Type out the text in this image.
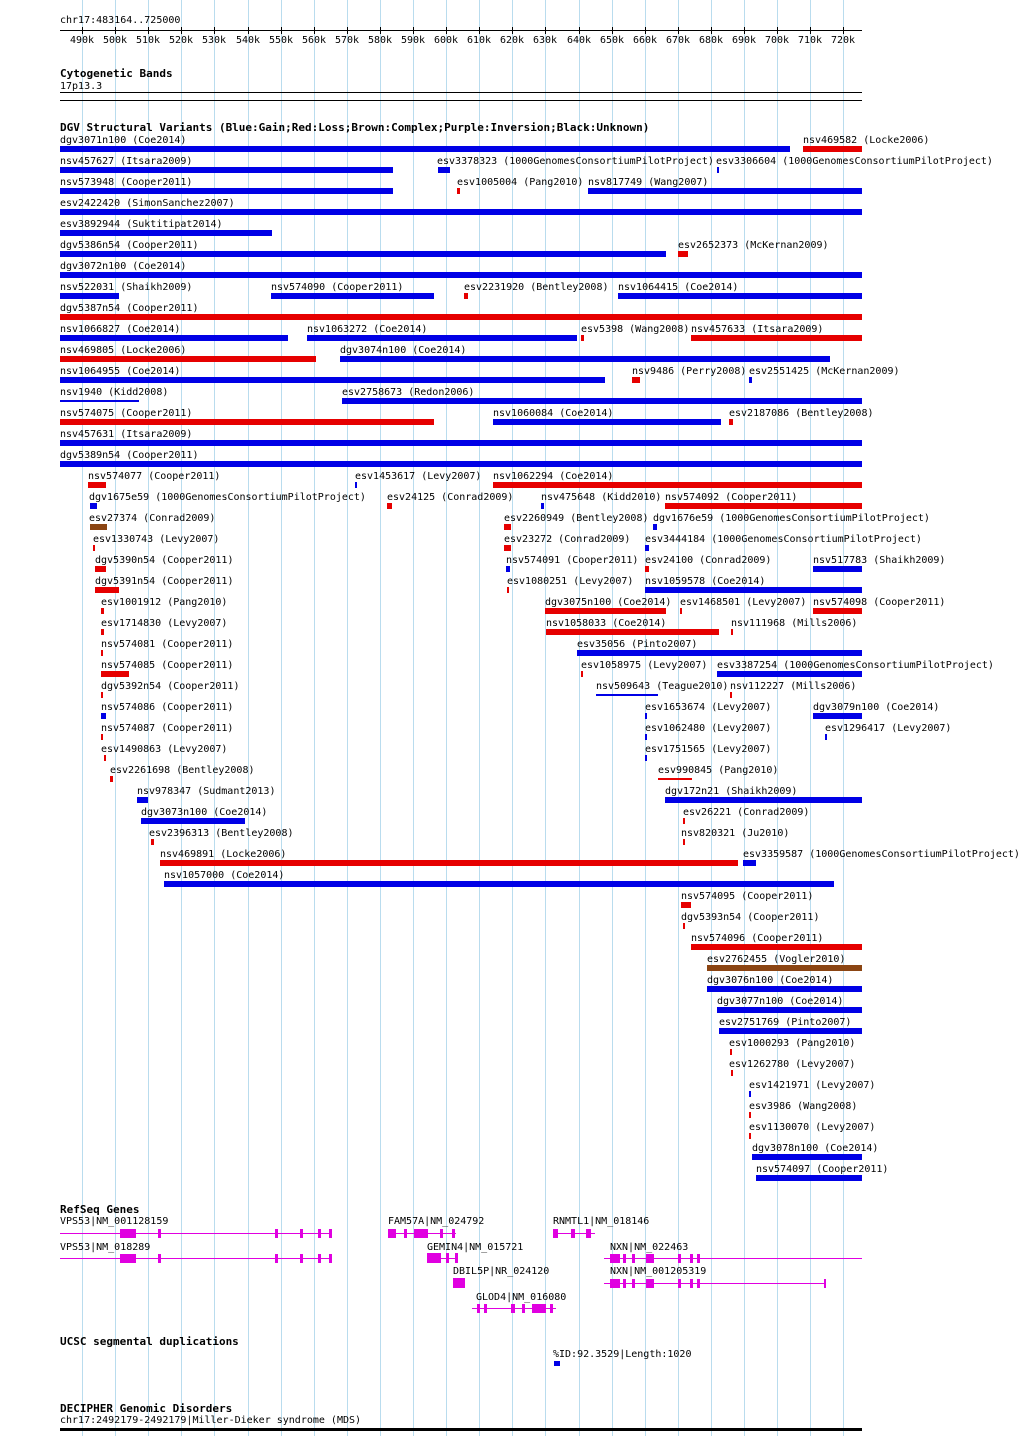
chr17:483164..725000
490k 500k 510k 520k 530k 540k 550k 560k 570k 580k 590k 600k 610k 620k 630k 640k 650k 660k 670k 680k 690k 700k 710k 720k
Cytogenetic Bands
17p13.3
DGV Structural Variants (Blue:Gain;Red:Loss;Brown:Complex;Purple:Inversion;Black:Unknown)
dgv3071n100 (Coe2014)	nsv469582 (Locke2006)
nsv457627 (Itsara2009)	esv3378323 (1000GenomesConsortiumPilotProject) esv3306604 (1000GenomesConsortiumPilotProject)
nsv573948 (Cooper2011)	esv1005004 (Pang2010) nsv817749 (Wang2007)
esv2422420 (SimonSanchez2007)
esv3892944 (Suktitipat2014)
dgv5386n54 (Cooper2011)	esv2652373 (McKernan2009)
dgv3072n100 (Coe2014)
nsv522031 (Shaikh2009)	nsv574090 (Cooper2011)	esv2231920 (Bentley2008) nsv1064415 (Coe2014)
dgv5387n54 (Cooper2011)
nsv1066827 (Coe2014)	nsv1063272 (Coe2014)	esv5398 (Wang2008) nsv457633 (Itsara2009)
nsv469805 (Locke2006)	dgv3074n100 (Coe2014)
nsv1064955 (Coe2014)	nsv9486 (Perry2008) esv2551425 (McKernan2009)
nsv1940 (Kidd2008)	esv2758673 (Redon2006)
nsv574075 (Cooper2011)	nsv1060084 (Coe2014)	esv2187086 (Bentley2008)
nsv457631 (Itsara2009)
dgv5389n54 (Cooper2011)
nsv574077 (Cooper2011)	esv1453617 (Levy2007) nsv1062294 (Coe2014)
dgv1675e59 (1000GenomesConsortiumPilotProject) esv24125 (Conrad2009)	nsv475648 (Kidd2010) nsv574092 (Cooper2011)
esv27374 (Conrad2009)	esv2260949 (Bentley2008) dgv1676e59 (1000GenomesConsortiumPilotProject)
esv1330743 (Levy2007)	esv23272 (Conrad2009) esv3444184 (1000GenomesConsortiumPilotProject)
dgv5390n54 (Cooper2011)	nsv574091 (Cooper2011) esv24100 (Conrad2009)	nsv517783 (Shaikh2009)
dgv5391n54 (Cooper2011)	esv1080251 (Levy2007) nsv1059578 (Coe2014)
esv1001912 (Pang2010)	dgv3075n100 (Coe2014) esv1468501 (Levy2007) nsv574098 (Cooper2011)
esv1714830 (Levy2007)	nsv1058033 (Coe2014)	nsv111968 (Mills2006)
nsv574081 (Cooper2011)	esv35056 (Pinto2007)
nsv574085 (Cooper2011)	esv1058975 (Levy2007) esv3387254 (1000GenomesConsortiumPilotProject)
dgv5392n54 (Cooper2011)	nsv509643 (Teague2010) nsv112227 (Mills2006)
nsv574086 (Cooper2011)	esv1653674 (Levy2007)	dgv3079n100 (Coe2014)
nsv574087 (Cooper2011)	esv1062480 (Levy2007)	esv1296417 (Levy2007)
esv1490863 (Levy2007)	esv1751565 (Levy2007)
esv2261698 (Bentley2008)	esv990845 (Pang2010)
nsv978347 (Sudmant2013)	dgv172n21 (Shaikh2009)
dgv3073n100 (Coe2014)	esv26221 (Conrad2009)
esv2396313 (Bentley2008)	nsv820321 (Ju2010)
nsv469891 (Locke2006)	esv3359587 (1000GenomesConsortiumPilotProject)
nsv1057000 (Coe2014)
nsv574095 (Cooper2011)
dgv5393n54 (Cooper2011)
nsv574096 (Cooper2011)
esv2762455 (Vogler2010)
dgv3076n100 (Coe2014)
dgv3077n100 (Coe2014)
esv2751769 (Pinto2007)
esv1000293 (Pang2010)
esv1262780 (Levy2007)
esv1421971 (Levy2007)
esv3986 (Wang2008)
esv1130070 (Levy2007)
dgv3078n100 (Coe2014)
nsv574097 (Cooper2011)
RefSeq Genes
VPS53|NM_001128159	FAM57A|NM_024792	RNMTL1|NM_018146
VPS53|NM_018289	GEMIN4|NM_015721	NXN|NM_022463
DBIL5P|NR_024120	NXN|NM_001205319
GLOD4|NM_016080
UCSC segmental duplications
%ID:92.3529|Length:1020
DECIPHER Genomic Disorders
chr17:2492179-2492179|Miller-Dieker syndrome (MDS)
